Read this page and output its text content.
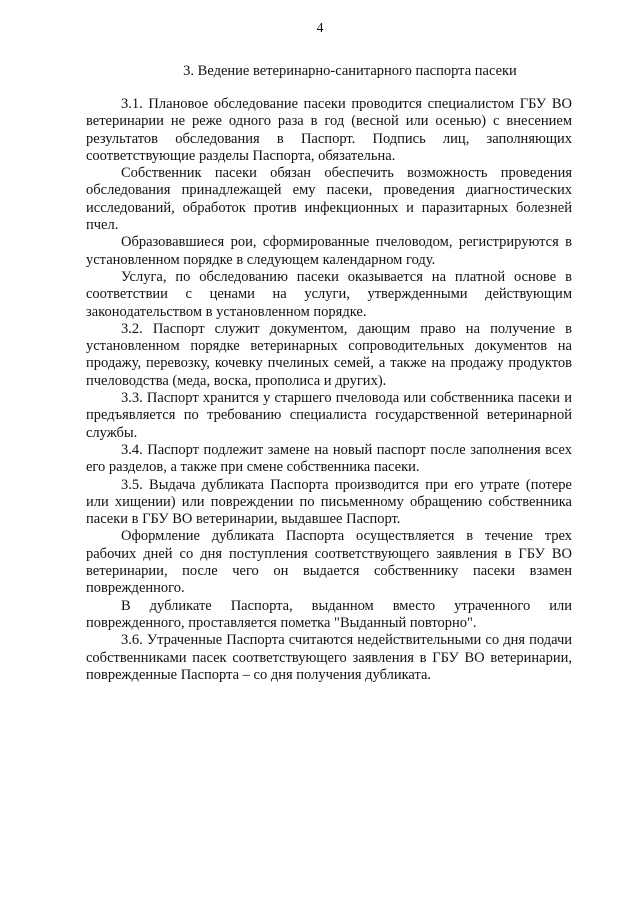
4
3. Ведение ветеринарно-санитарного паспорта пасеки

3.1. Плановое обследование пасеки проводится специалистом ГБУ ВО ветеринарии не реже одного раза в год (весной или осенью) с внесением результатов обследования в Паспорт. Подпись лиц, заполняющих соответствующие разделы Паспорта, обязательна.

Собственник пасеки обязан обеспечить возможность проведения обследования принадлежащей ему пасеки, проведения диагностических исследований, обработок против инфекционных и паразитарных болезней пчел.

Образовавшиеся рои, сформированные пчеловодом, регистрируются в установленном порядке в следующем календарном году.

Услуга, по обследованию пасеки оказывается на платной основе в соответствии с ценами на услуги, утвержденными действующим законодательством в установленном порядке.

3.2. Паспорт служит документом, дающим право на получение в установленном порядке ветеринарных сопроводительных документов на продажу, перевозку, кочевку пчелиных семей, а также на продажу продуктов пчеловодства (меда, воска, прополиса и других).

3.3. Паспорт хранится у старшего пчеловода или собственника пасеки и предъявляется по требованию специалиста государственной ветеринарной службы.

3.4. Паспорт подлежит замене на новый паспорт после заполнения всех его разделов, а также при смене собственника пасеки.

3.5. Выдача дубликата Паспорта производится при его утрате (потере или хищении) или повреждении по письменному обращению собственника пасеки в ГБУ ВО ветеринарии, выдавшее Паспорт.

Оформление дубликата Паспорта осуществляется в течение трех рабочих дней со дня поступления соответствующего заявления в ГБУ ВО ветеринарии, после чего он выдается собственнику пасеки взамен поврежденного.

В дубликате Паспорта, выданном вместо утраченного или поврежденного, проставляется пометка "Выданный повторно".

3.6. Утраченные Паспорта считаются недействительными со дня подачи собственниками пасек соответствующего заявления в ГБУ ВО ветеринарии, поврежденные Паспорта – со дня получения дубликата.
